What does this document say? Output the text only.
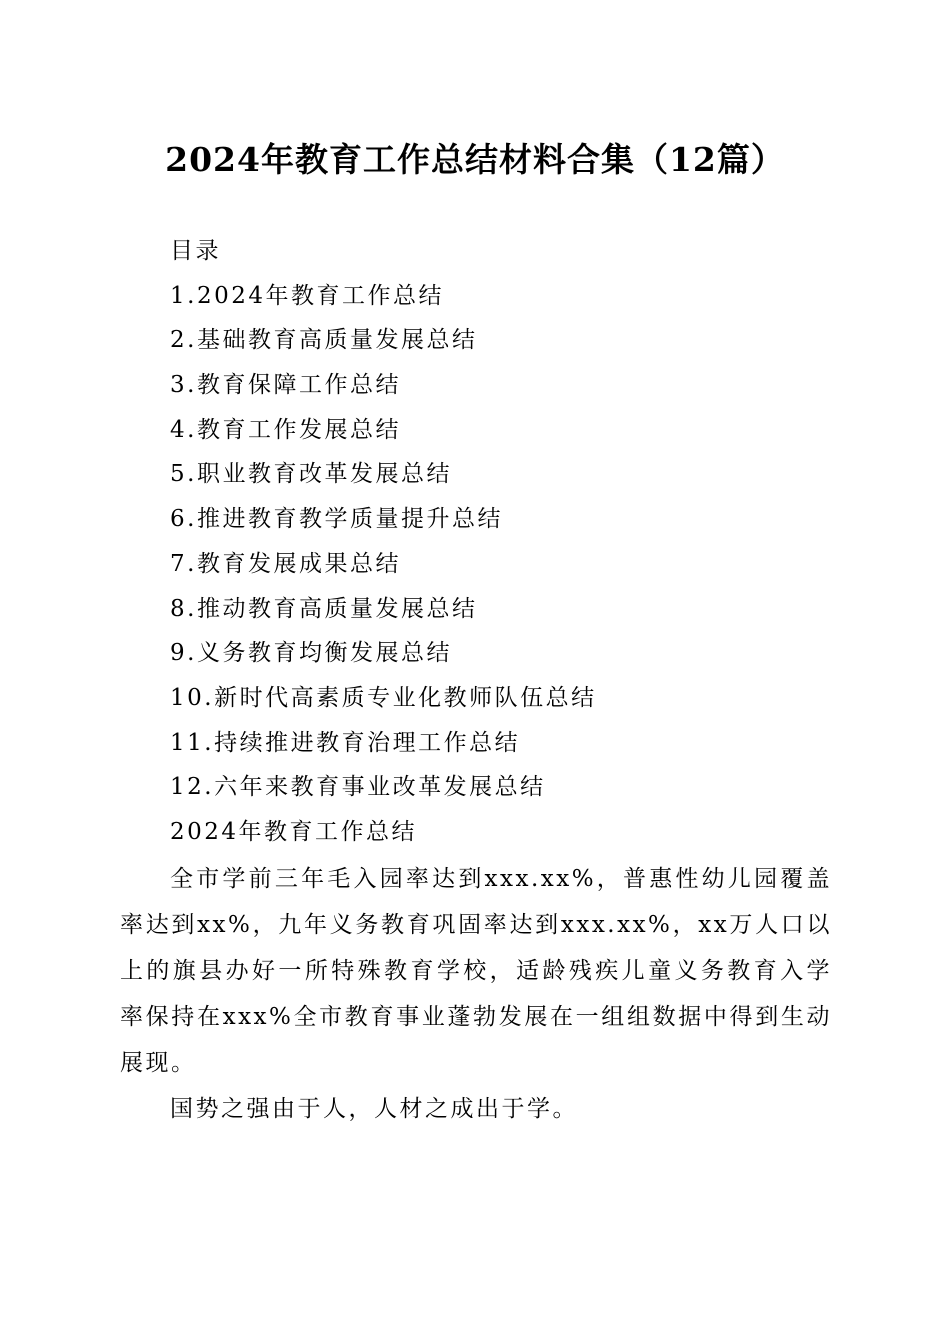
2024年教育工作总结材料合集（12篇）
目录
1.2024年教育工作总结
2.基础教育高质量发展总结
3.教育保障工作总结
4.教育工作发展总结
5.职业教育改革发展总结
6.推进教育教学质量提升总结
7.教育发展成果总结
8.推动教育高质量发展总结
9.义务教育均衡发展总结
10.新时代高素质专业化教师队伍总结
11.持续推进教育治理工作总结
12.六年来教育事业改革发展总结
2024年教育工作总结

全市学前三年毛入园率达到xxx.xx%，普惠性幼儿园覆盖率达到xx%，九年义务教育巩固率达到xxx.xx%，xx万人口以上的旗县办好一所特殊教育学校，适龄残疾儿童义务教育入学率保持在xxx%全市教育事业蓬勃发展在一组组数据中得到生动展现。

国势之强由于人，人材之成出于学。
